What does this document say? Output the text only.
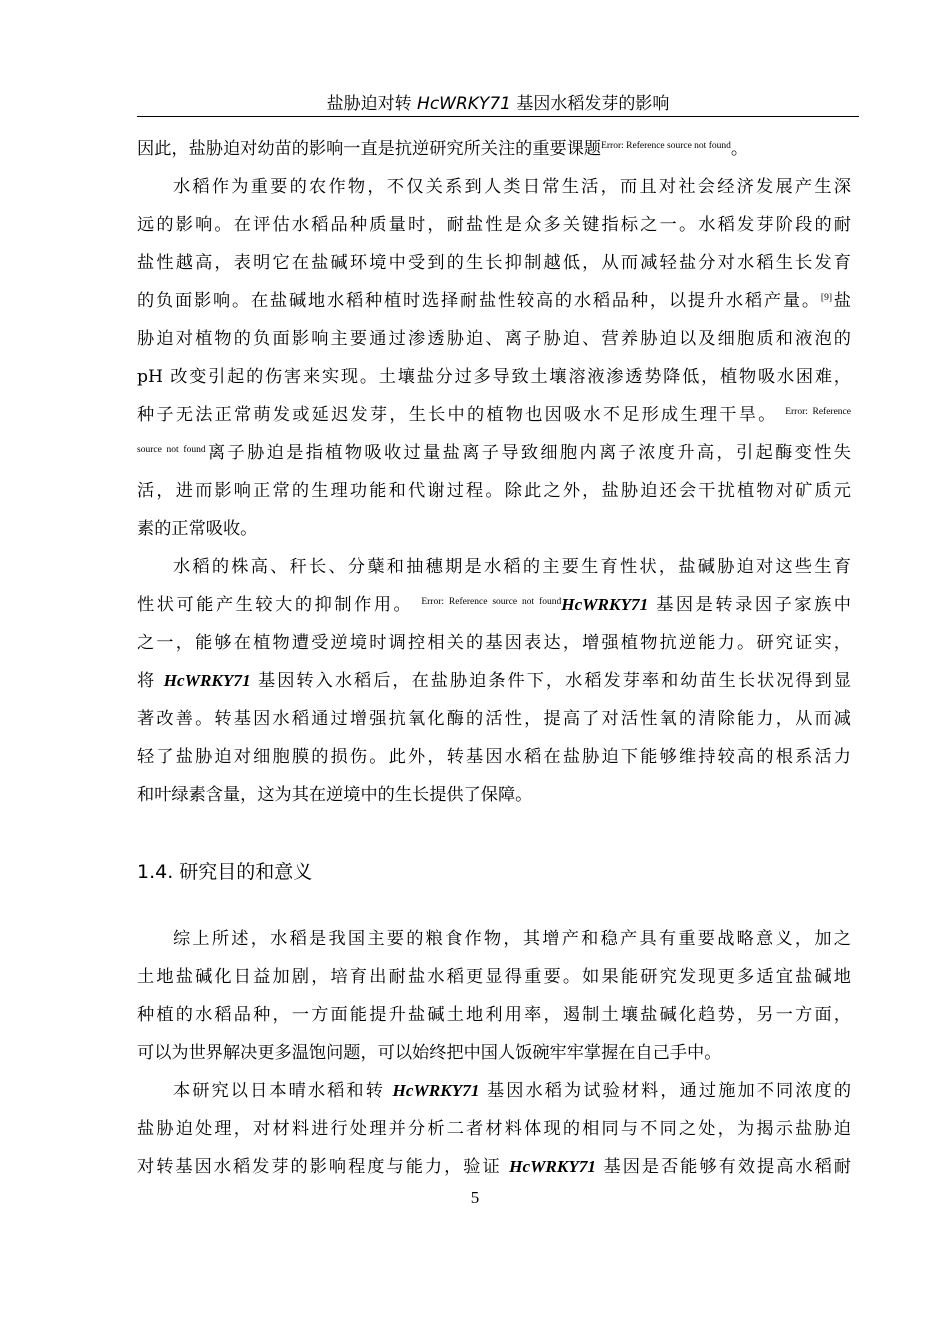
盐胁迫对转 HcWRKY71 基因水稻发芽的影响
因此，盐胁迫对幼苗的影响一直是抗逆研究所关注的重要课题$^{Error: Reference source not found}$。
水稻作为重要的农作物，不仅关系到人类日常生活，而且对社会经济发展产生深
远的影响。在评估水稻品种质量时，耐盐性是众多关键指标之一。水稻发芽阶段的耐
盐性越高，表明它在盐碱环境中受到的生长抑制越低，从而减轻盐分对水稻生长发育
的负面影响。在盐碱地水稻种植时选择耐盐性较高的水稻品种，以提升水稻产量。[9]盐
胁迫对植物的负面影响主要通过渗透胁迫、离子胁迫、营养胁迫以及细胞质和液泡的
pH 改变引起的伤害来实现。土壤盐分过多导致土壤溶液渗透势降低，植物吸水困难，
种子无法正常萌发或延迟发芽，生长中的植物也因吸水不足形成生理干旱。 $^{Error: Reference}$
$^{source not found}$离子胁迫是指植物吸收过量盐离子导致细胞内离子浓度升高，引起酶变性失
活，进而影响正常的生理功能和代谢过程。除此之外，盐胁迫还会干扰植物对矿质元
素的正常吸收。
水稻的株高、秆长、分蘖和抽穗期是水稻的主要生育性状，盐碱胁迫对这些生育
性状可能产生较大的抑制作用。 $^{Error: Reference source not found}$HcWRKY71 基因是转录因子家族中
之一，能够在植物遭受逆境时调控相关的基因表达，增强植物抗逆能力。研究证实，
将 HcWRKY71 基因转入水稻后，在盐胁迫条件下，水稻发芽率和幼苗生长状况得到显
著改善。转基因水稻通过增强抗氧化酶的活性，提高了对活性氧的清除能力，从而减
轻了盐胁迫对细胞膜的损伤。此外，转基因水稻在盐胁迫下能够维持较高的根系活力
和叶绿素含量，这为其在逆境中的生长提供了保障。
1.4. 研究目的和意义
综上所述，水稻是我国主要的粮食作物，其增产和稳产具有重要战略意义，加之
土地盐碱化日益加剧，培育出耐盐水稻更显得重要。如果能研究发现更多适宜盐碱地
种植的水稻品种，一方面能提升盐碱土地利用率，遏制土壤盐碱化趋势，另一方面，
可以为世界解决更多温饱问题，可以始终把中国人饭碗牢牢掌握在自己手中。
本研究以日本晴水稻和转 HcWRKY71 基因水稻为试验材料，通过施加不同浓度的
盐胁迫处理，对材料进行处理并分析二者材料体现的相同与不同之处，为揭示盐胁迫
对转基因水稻发芽的影响程度与能力，验证 HcWRKY71 基因是否能够有效提高水稻耐
5
